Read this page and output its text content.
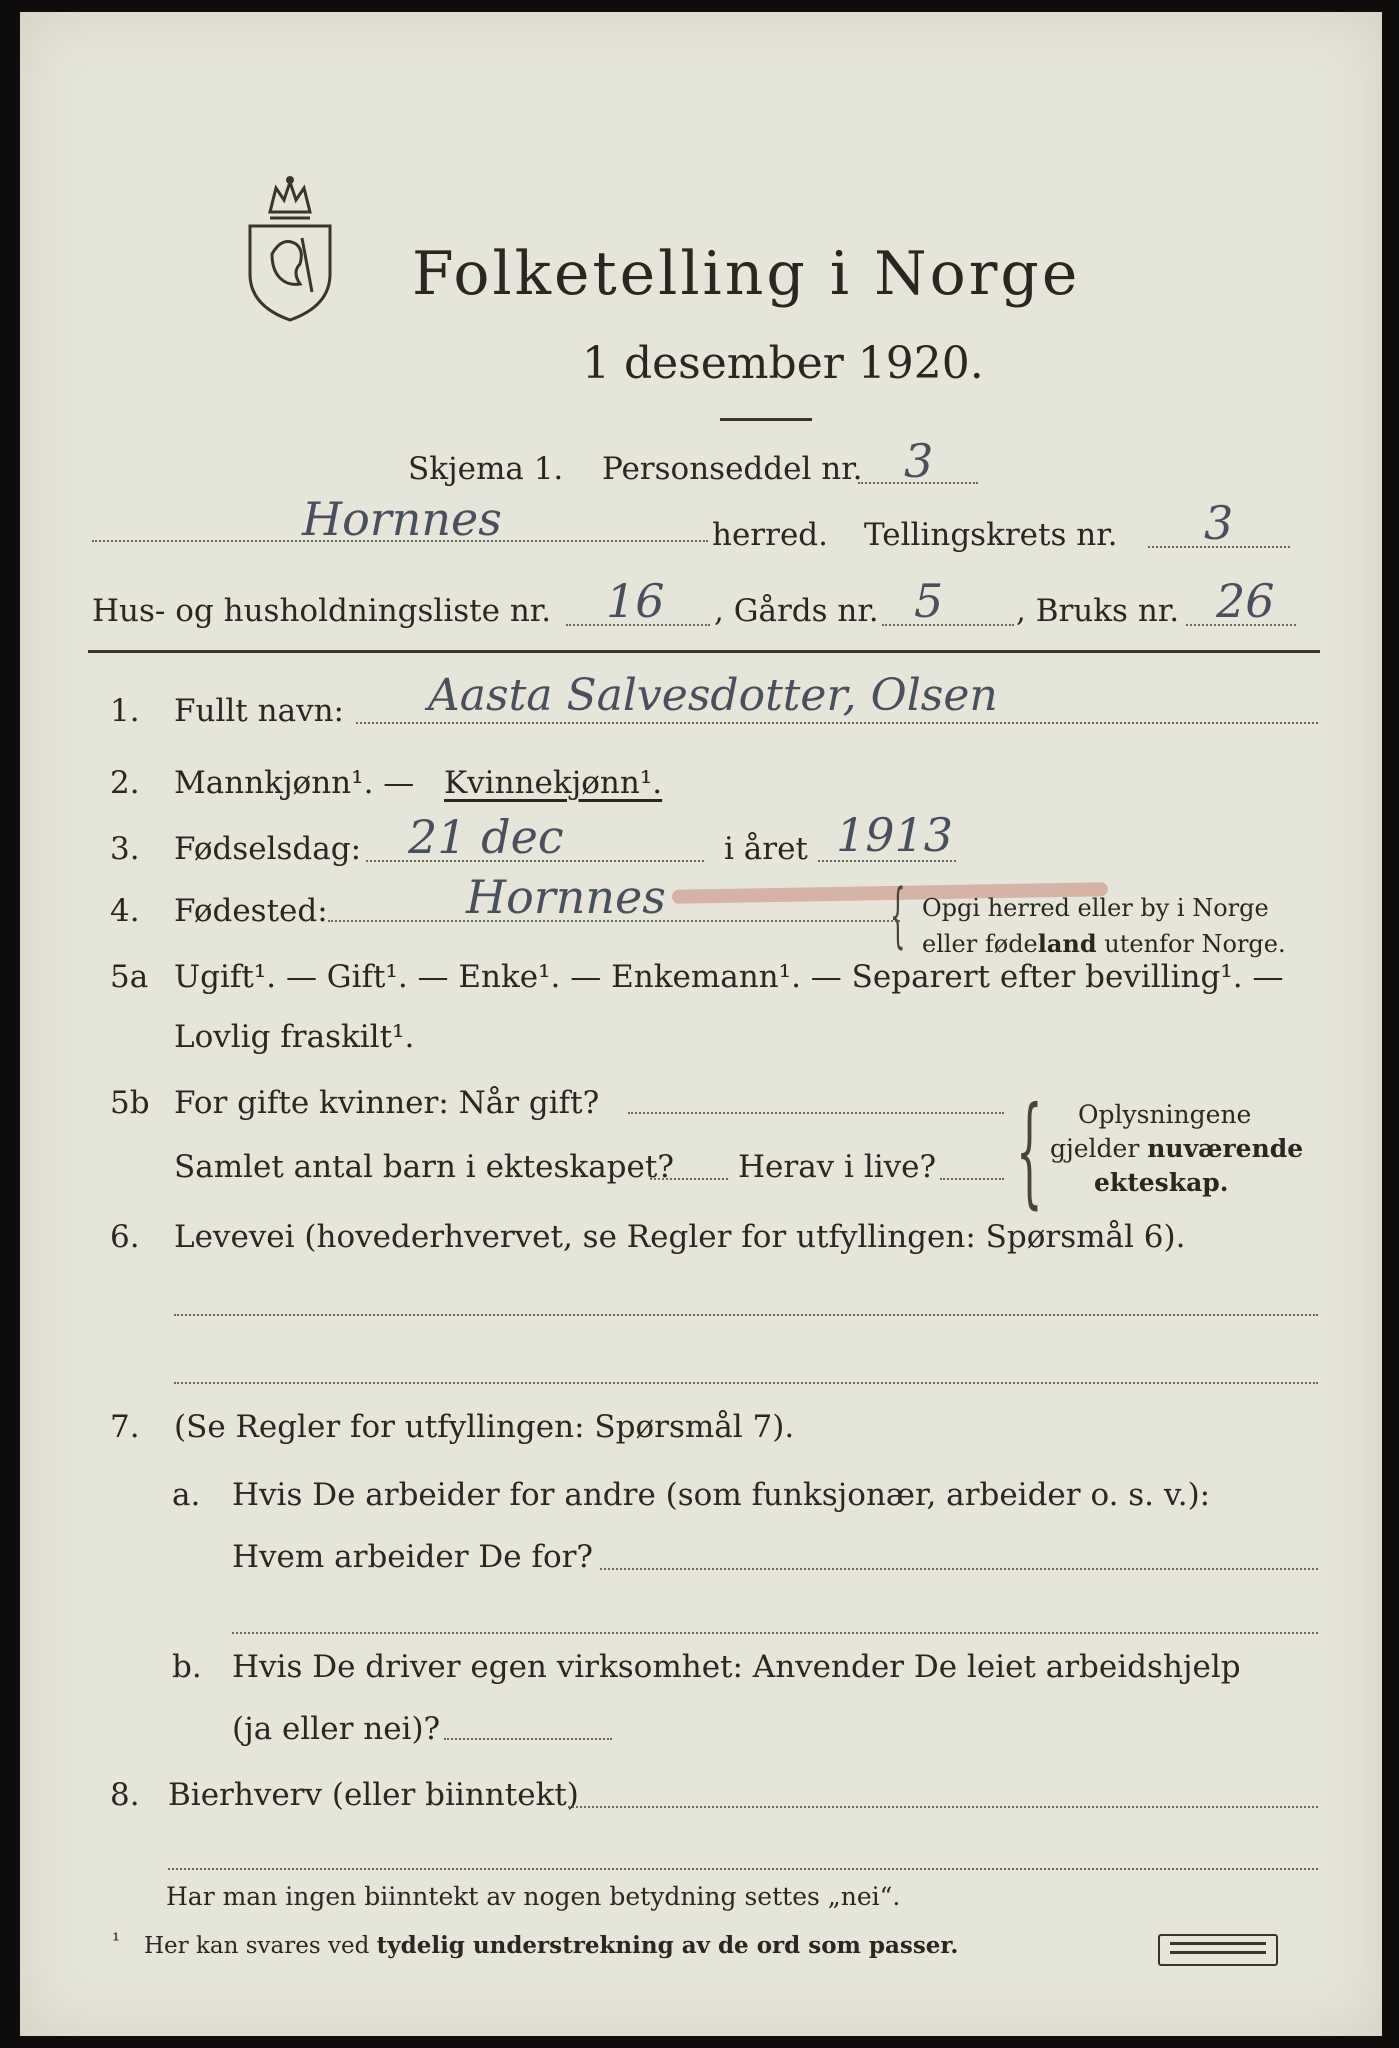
Folketelling i Norge
1 desember 1920.
Skjema 1. Personseddel nr. 3
Hornnes	herred. Tellingskrets nr. 3
Hus- og husholdningsliste nr. 16 , Gårds nr. 5 , Bruks nr. 26
1. Fullt navn: Aasta Salvesdotter, Olsen
2. Mannkjønn¹. — Kvinnekjønn¹.
3. Fødselsdag: 21 dec	i året 1913
4. Fødested:	Hornnes	{ Opgi herred eller by i Norge
eller fødeland utenfor Norge.
5a Ugift¹. — Gift¹. — Enke¹. — Enkemann¹. — Separert efter bevilling¹. —
Lovlig fraskilt¹.
5b For gifte kvinner: Når gift?
Samlet antal barn i ekteskapet? Herav i live? { Oplysningene
gjelder nuværende
ekteskap.
6. Levevei (hovederhvervet, se Regler for utfyllingen: Spørsmål 6).
7. (Se Regler for utfyllingen: Spørsmål 7).
a. Hvis De arbeider for andre (som funksjonær, arbeider o. s. v.):
Hvem arbeider De for?
b. Hvis De driver egen virksomhet: Anvender De leiet arbeidshjelp
(ja eller nei)?
8. Bierhverv (eller biinntekt)
Har man ingen biinntekt av nogen betydning settes „nei“.
¹ Her kan svares ved tydelig understrekning av de ord som passer.
